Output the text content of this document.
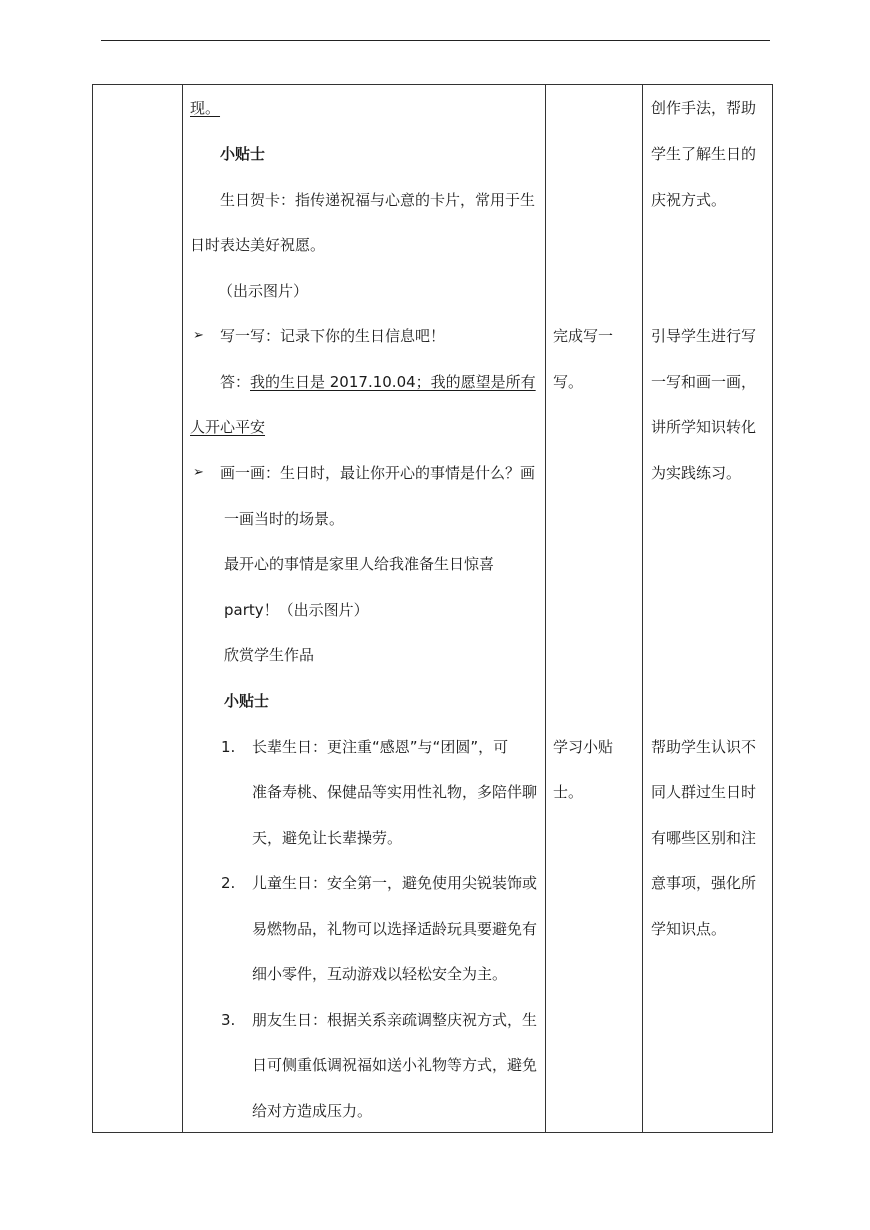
现。
小贴士
生日贺卡：指传递祝福与心意的卡片，常用于生
日时表达美好祝愿。
（出示图片）
➢ 写一写：记录下你的生日信息吧！
答： 我的生日是 2017.10.04；我的愿望是所有
人开心平安
➢ 画一画：生日时，最让你开心的事情是什么？画
一画当时的场景。
最开心的事情是家里人给我准备生日惊喜
party！（出示图片）
欣赏学生作品
小贴士
1. 长辈生日：更注重“感恩”与“团圆”，可
准备寿桃、保健品等实用性礼物，多陪伴聊
天，避免让长辈操劳。
2. 儿童生日：安全第一，避免使用尖锐装饰或
易燃物品，礼物可以选择适龄玩具要避免有
细小零件，互动游戏以轻松安全为主。
3. 朋友生日：根据关系亲疏调整庆祝方式，生
日可侧重低调祝福如送小礼物等方式，避免
给对方造成压力。
完成写一
写。
学习小贴
士。
创作手法，帮助
学生了解生日的
庆祝方式。
引导学生进行写
一写和画一画，
讲所学知识转化
为实践练习。
帮助学生认识不
同人群过生日时
有哪些区别和注
意事项，强化所
学知识点。
